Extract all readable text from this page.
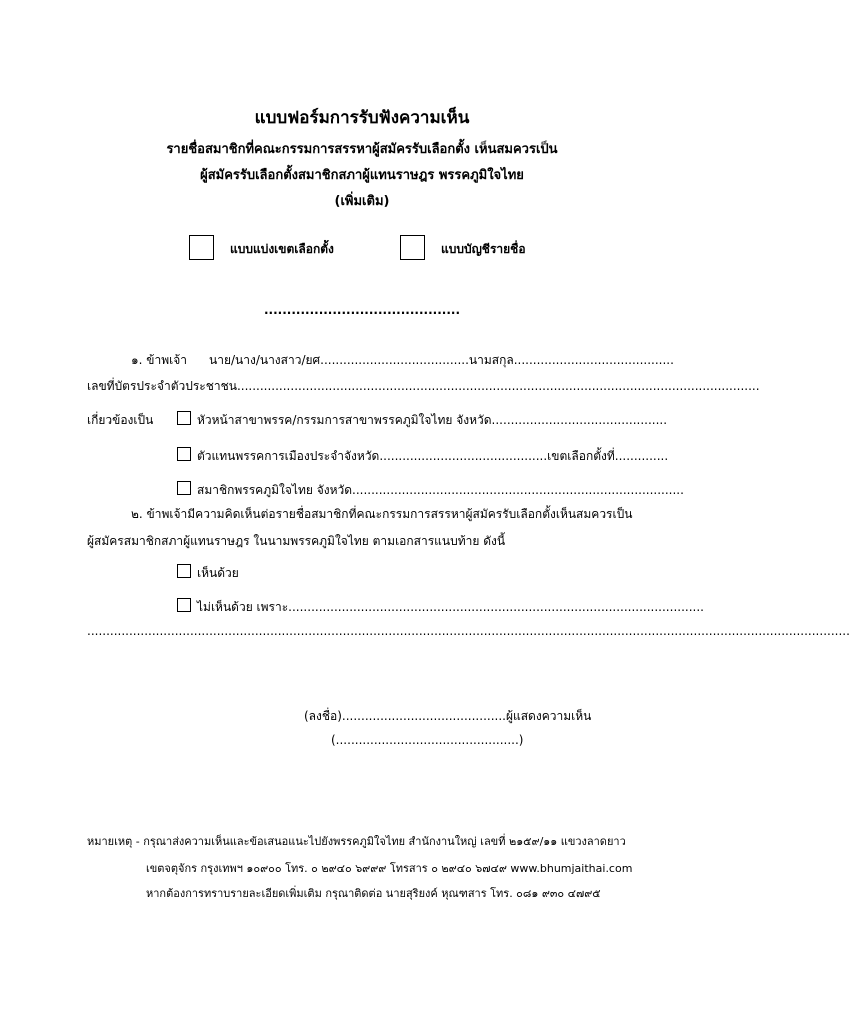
แบบฟอร์มการรับฟังความเห็น
รายชื่อสมาชิกที่คณะกรรมการสรรหาผู้สมัครรับเลือกตั้ง เห็นสมควรเป็น
ผู้สมัครรับเลือกตั้งสมาชิกสภาผู้แทนราษฎร พรรคภูมิใจไทย
(เพิ่มเติม)
แบบแบ่งเขตเลือกตั้ง	แบบบัญชีรายชื่อ
...........................................
๑. ข้าพเจ้า นาย/นาง/นางสาว/ยศ.......................................นามสกุล..........................................
เลขที่บัตรประจำตัวประชาชน.........................................................................................................................................
เกี่ยวข้องเป็น	หัวหน้าสาขาพรรค/กรรมการสาขาพรรคภูมิใจไทย จังหวัด..............................................
ตัวแทนพรรคการเมืองประจำจังหวัด............................................เขตเลือกตั้งที่..............
สมาชิกพรรคภูมิใจไทย จังหวัด.......................................................................................
๒. ข้าพเจ้ามีความคิดเห็นต่อรายชื่อสมาชิกที่คณะกรรมการสรรหาผู้สมัครรับเลือกตั้งเห็นสมควรเป็น
ผู้สมัครสมาชิกสภาผู้แทนราษฎร ในนามพรรคภูมิใจไทย ตามเอกสารแนบท้าย ดังนี้
เห็นด้วย
ไม่เห็นด้วย เพราะ.............................................................................................................
........................................................................................................................................................................................................
(ลงชื่อ)...........................................ผู้แสดงความเห็น
(................................................)
หมายเหตุ - กรุณาส่งความเห็นและข้อเสนอแนะไปยังพรรคภูมิใจไทย สำนักงานใหญ่ เลขที่ ๒๑๕๙/๑๑ แขวงลาดยาว
เขตจตุจักร กรุงเทพฯ ๑๐๙๐๐ โทร. ๐ ๒๙๔๐ ๖๙๙๙ โทรสาร ๐ ๒๙๔๐ ๖๗๔๙ www.bhumjaithai.com
หากต้องการทราบรายละเอียดเพิ่มเติม กรุณาติดต่อ นายสุริยงค์ หุณฑสาร โทร. ๐๘๑ ๙๓๐ ๔๗๙๕
